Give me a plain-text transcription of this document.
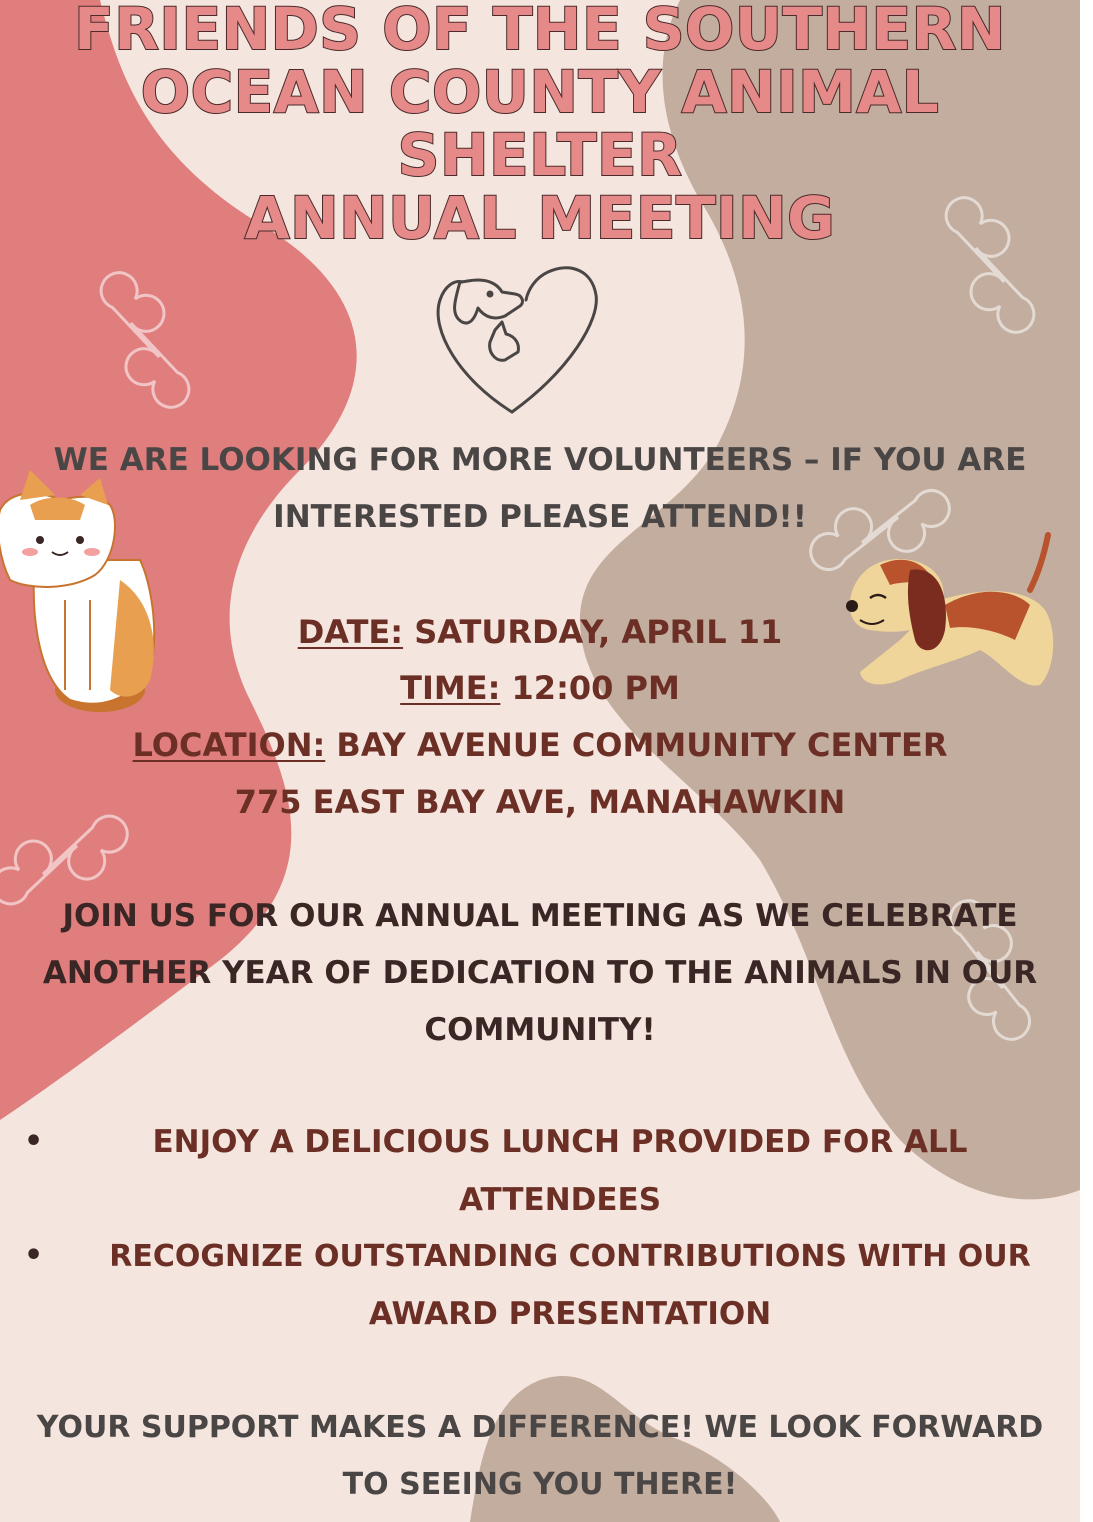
FRIENDS OF THE SOUTHERN
OCEAN COUNTY ANIMAL
SHELTER
ANNUAL MEETING
WE ARE LOOKING FOR MORE VOLUNTEERS – IF YOU ARE
INTERESTED PLEASE ATTEND!!
DATE: SATURDAY, APRIL 11
TIME: 12:00 PM
LOCATION: BAY AVENUE COMMUNITY CENTER
775 EAST BAY AVE, MANAHAWKIN
JOIN US FOR OUR ANNUAL MEETING AS WE CELEBRATE
ANOTHER YEAR OF DEDICATION TO THE ANIMALS IN OUR
COMMUNITY!
•	ENJOY A DELICIOUS LUNCH PROVIDED FOR ALL
ATTENDEES
•	RECOGNIZE OUTSTANDING CONTRIBUTIONS WITH OUR
AWARD PRESENTATION
YOUR SUPPORT MAKES A DIFFERENCE! WE LOOK FORWARD
TO SEEING YOU THERE!
